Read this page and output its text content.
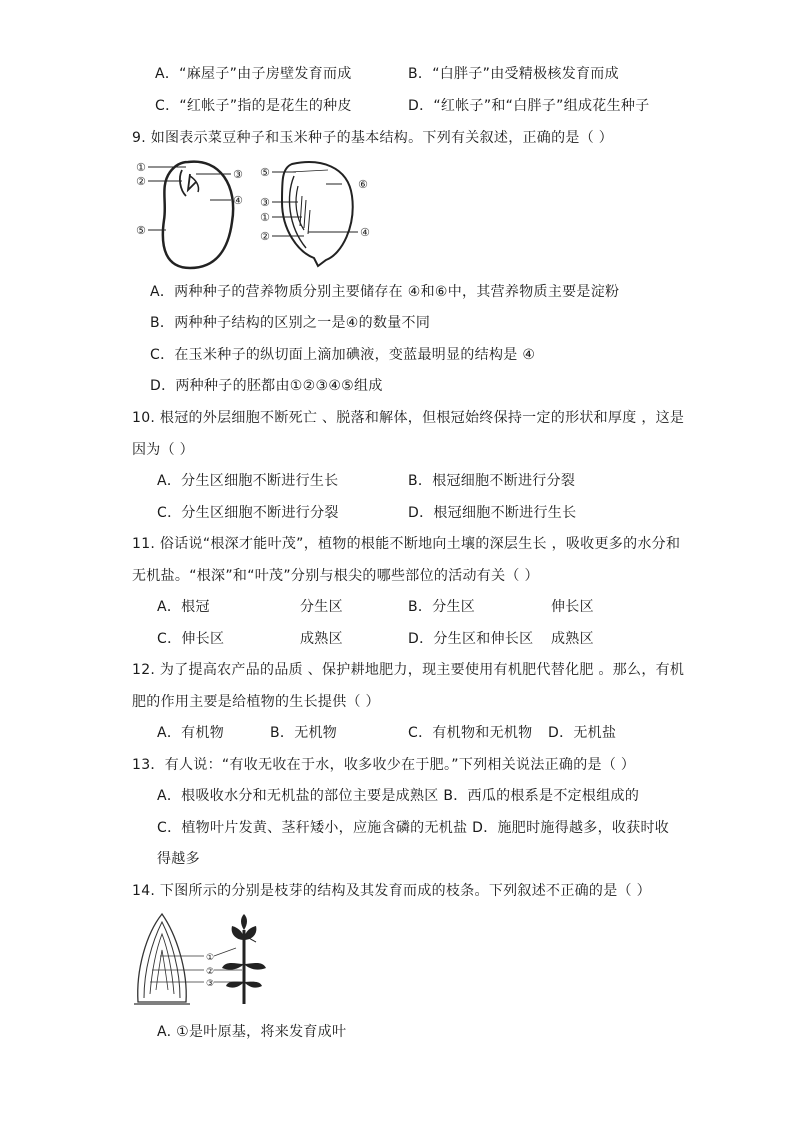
A．“麻屋子”由子房壁发育而成	B．“白胖子”由受精极核发育而成
C．“红帐子”指的是花生的种皮	D．“红帐子”和“白胖子”组成花生种子
9. 如图表示菜豆种子和玉米种子的基本结构。下列有关叙述，正确的是（ ）
①
②
③
④
⑤
⑤
⑥
③
①
②	④
A．两种种子的营养物质分别主要储存在 ④和⑥中，其营养物质主要是淀粉
B．两种种子结构的区别之一是④的数量不同
C．在玉米种子的纵切面上滴加碘液，变蓝最明显的结构是 ④
D．两种种子的胚都由①②③④⑤组成
10. 根冠的外层细胞不断死亡 、脱落和解体，但根冠始终保持一定的形状和厚度 ，这是
因为（ ）
A．分生区细胞不断进行生长	B．根冠细胞不断进行分裂
C．分生区细胞不断进行分裂	D．根冠细胞不断进行生长
11. 俗话说“根深才能叶茂”，植物的根能不断地向土壤的深层生长 ，吸收更多的水分和
无机盐。“根深”和“叶茂”分别与根尖的哪些部位的活动有关（ ）
A．根冠	分生区	B．分生区	伸长区
C．伸长区	成熟区	D．分生区和伸长区 成熟区
12. 为了提高农产品的品质 、保护耕地肥力，现主要使用有机肥代替化肥 。那么，有机
肥的作用主要是给植物的生长提供（ ）
A．有机物	B．无机物	C．有机物和无机物 D．无机盐
13．有人说：“有收无收在于水，收多收少在于肥。”下列相关说法正确的是（ ）
A．根吸收水分和无机盐的部位主要是成熟区 B．西瓜的根系是不定根组成的
C．植物叶片发黄、茎秆矮小，应施含磷的无机盐 D．施肥时施得越多，收获时收
得越多
14. 下图所示的分别是枝芽的结构及其发育而成的枝条。下列叙述不正确的是（ ）
①
②
③
A. ①是叶原基，将来发育成叶
